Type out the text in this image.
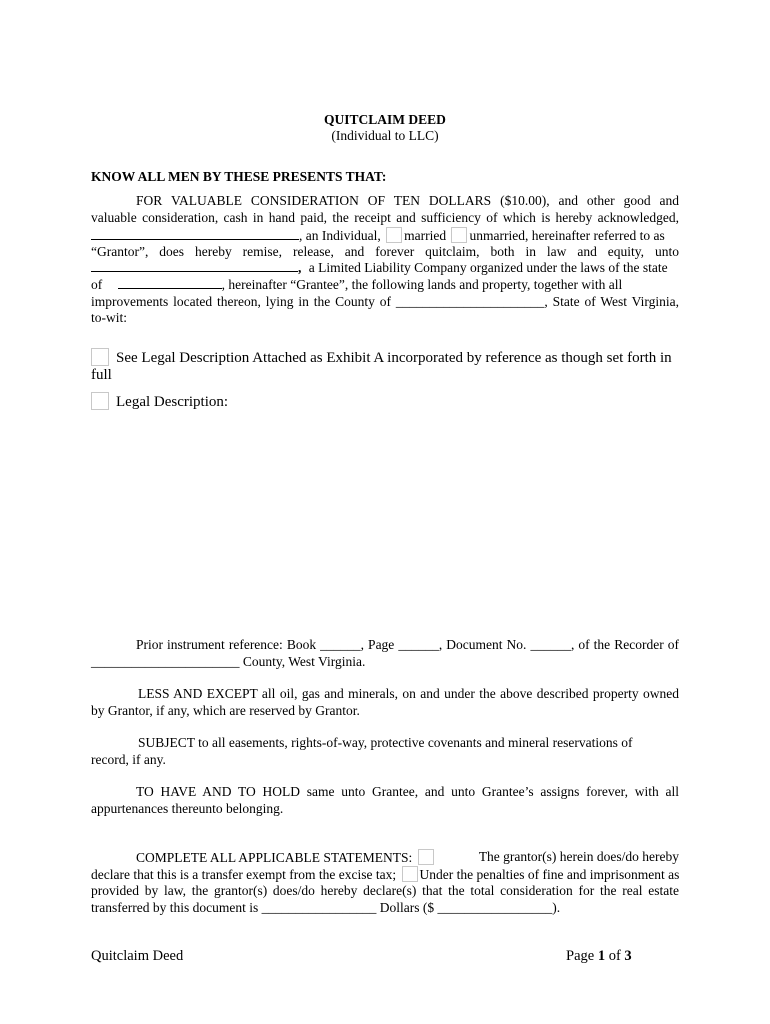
QUITCLAIM DEED
(Individual to LLC)
KNOW ALL MEN BY THESE PRESENTS THAT:
FOR VALUABLE CONSIDERATION OF TEN DOLLARS ($10.00), and other good and
valuable consideration, cash in hand paid, the receipt and sufficiency of which is hereby acknowledged,
, an Individual, married unmarried, hereinafter referred to as
“Grantor”, does hereby remise, release, and forever quitclaim, both in law and equity, unto
, a Limited Liability Company organized under the laws of the state
of	, hereinafter “Grantee”, the following lands and property, together with all
improvements located thereon, lying in the County of ______________________, State of West Virginia,
to-wit:
See Legal Description Attached as Exhibit A incorporated by reference as though set forth in
full
Legal Description:
Prior instrument reference: Book ______, Page ______, Document No. ______, of the Recorder of
______________________ County, West Virginia.
LESS AND EXCEPT all oil, gas and minerals, on and under the above described property owned
by Grantor, if any, which are reserved by Grantor.
SUBJECT to all easements, rights-of-way, protective covenants and mineral reservations of
record, if any.
TO HAVE AND TO HOLD same unto Grantee, and unto Grantee’s assigns forever, with all
appurtenances thereunto belonging.
COMPLETE ALL APPLICABLE STATEMENTS:	The grantor(s) herein does/do hereby
declare that this is a transfer exempt from the excise tax; Under the penalties of fine and imprisonment as
provided by law, the grantor(s) does/do hereby declare(s) that the total consideration for the real estate
transferred by this document is _________________ Dollars ($ _________________).
Quitclaim Deed	Page 1 of 3
